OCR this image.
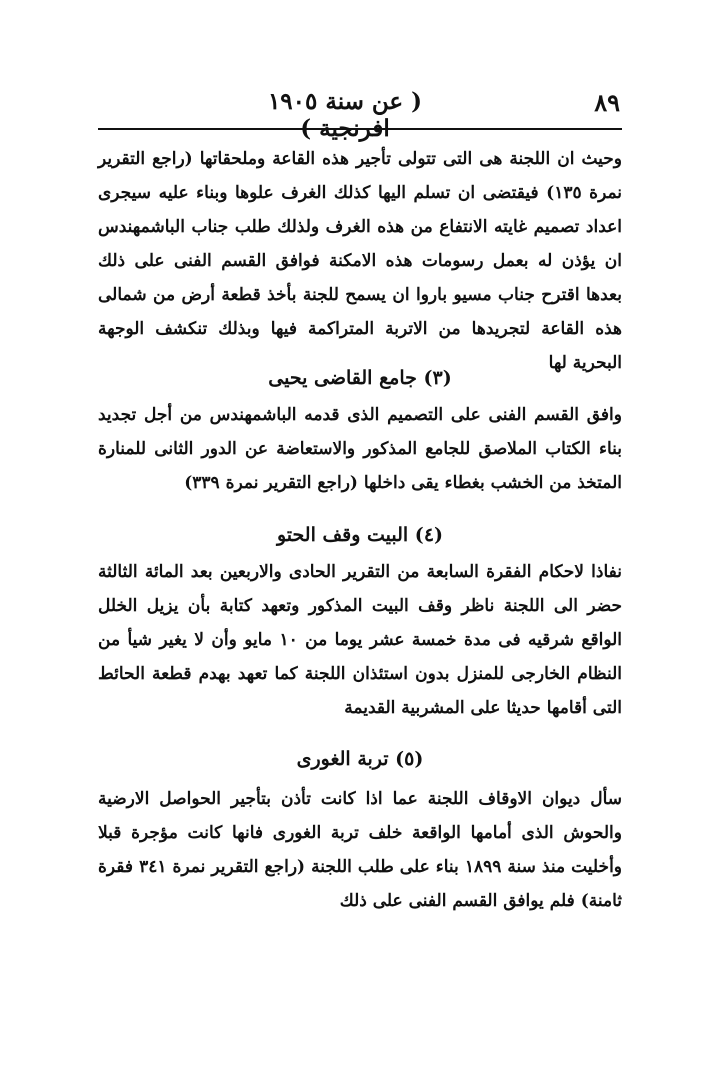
٨٩
( عن سنة ١٩٠٥ افرنجية )

وحيث ان اللجنة هى التى تتولى تأجير هذه القاعة وملحقاتها (راجع التقرير نمرة ١٣٥) فيقتضى ان تسلم اليها كذلك الغرف علوها وبناء عليه سيجرى اعداد تصميم غايته الانتفاع من هذه الغرف ولذلك طلب جناب الباشمهندس ان يؤذن له بعمل رسومات هذه الامكنة فوافق القسم الفنى على ذلك بعدها اقترح جناب مسيو باروا ان يسمح للجنة بأخذ قطعة أرض من شمالى هذه القاعة لتجريدها من الاتربة المتراكمة فيها وبذلك تنكشف الوجهة البحرية لها

(٣) جامع القاضى يحيى

وافق القسم الفنى على التصميم الذى قدمه الباشمهندس من أجل تجديد بناء الكتاب الملاصق للجامع المذكور والاستعاضة عن الدور الثانى للمنارة المتخذ من الخشب بغطاء يقى داخلها (راجع التقرير نمرة ٣٣٩)

(٤) البيت وقف الحتو

نفاذا لاحكام الفقرة السابعة من التقرير الحادى والاربعين بعد المائة الثالثة حضر الى اللجنة ناظر وقف البيت المذكور وتعهد كتابة بأن يزيل الخلل الواقع شرقيه فى مدة خمسة عشر يوما من ١٠ مايو وأن لا يغير شيأ من النظام الخارجى للمنزل بدون استئذان اللجنة كما تعهد بهدم قطعة الحائط التى أقامها حديثا على المشربية القديمة

(٥) تربة الغورى

سأل ديوان الاوقاف اللجنة عما اذا كانت تأذن بتأجير الحواصل الارضية والحوش الذى أمامها الواقعة خلف تربة الغورى فانها كانت مؤجرة قبلا وأخليت منذ سنة ١٨٩٩ بناء على طلب اللجنة (راجع التقرير نمرة ٣٤١ فقرة ثامنة) فلم يوافق القسم الفنى على ذلك
